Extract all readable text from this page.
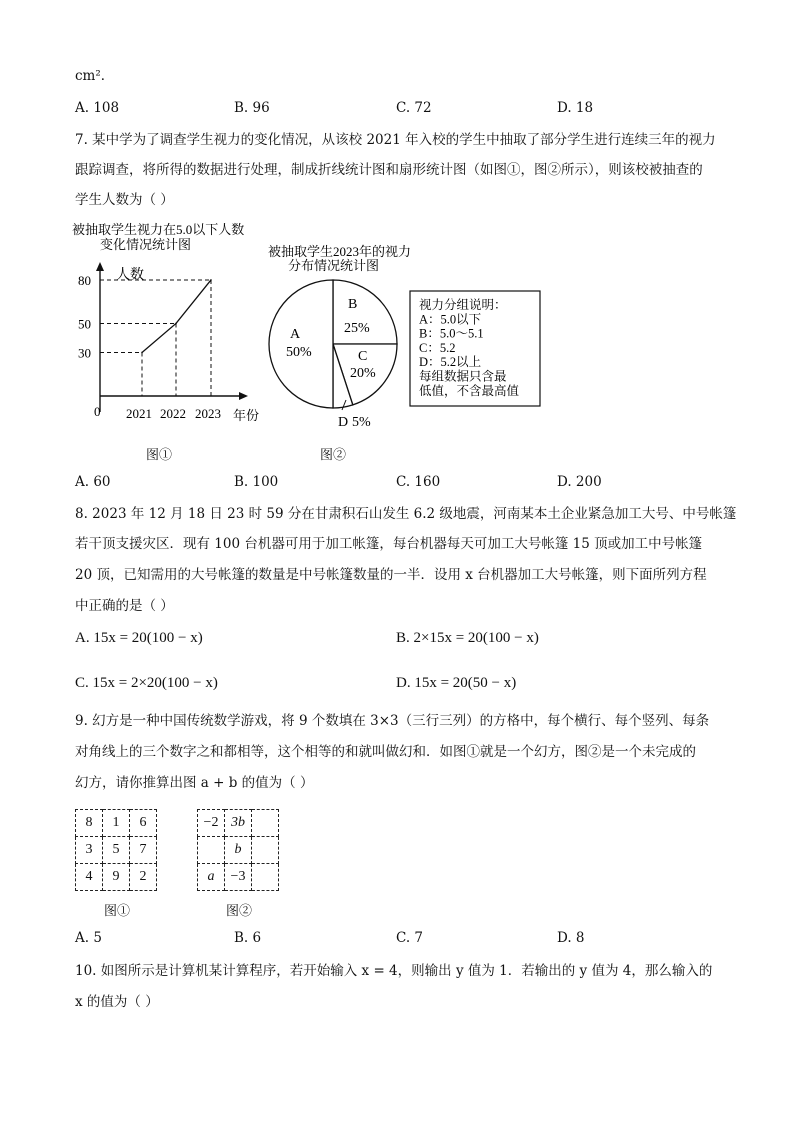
cm²．
A. 108	B. 96	C. 72	D. 18
7. 某中学为了调查学生视力的变化情况，从该校 2021 年入校的学生中抽取了部分学生进行连续三年的视力
跟踪调查，将所得的数据进行处理，制成折线统计图和扇形统计图（如图①，图②所示），则该校被抽查的
学生人数为（ ）
被抽取学生视力在5.0以下人数
变化情况统计图
人数
年份
0
30
2021
50
2022
80
2023
图①
被抽取学生2023年的视力
分布情况统计图
A
50%
B
25%
C
20%
D 5%
视力分组说明：
A：5.0以下
B：5.0～5.1
C：5.2
D：5.2以上
每组数据只含最
低值，不含最高值
图②
A. 60	B. 100	C. 160	D. 200
8. 2023 年 12 月 18 日 23 时 59 分在甘肃积石山发生 6.2 级地震，河南某本土企业紧急加工大号、中号帐篷
若干顶支援灾区．现有 100 台机器可用于加工帐篷，每台机器每天可加工大号帐篷 15 顶或加工中号帐篷
20 顶，已知需用的大号帐篷的数量是中号帐篷数量的一半．设用 x 台机器加工大号帐篷，则下面所列方程
中正确的是（ ）
A. 15x = 20(100 − x)	B. 2×15x = 20(100 − x)
C. 15x = 2×20(100 − x)	D. 15x = 20(50 − x)
9. 幻方是一种中国传统数学游戏，将 9 个数填在 3×3（三行三列）的方格中，每个横行、每个竖列、每条
对角线上的三个数字之和都相等，这个相等的和就叫做幻和．如图①就是一个幻方，图②是一个未完成的
幻方，请你推算出图 a + b 的值为（ ）
8	1	6
3	5	7
4	9	2
图①
−2	3b	
	b	
a	−3	
图②
A. 5	B. 6	C. 7	D. 8
10. 如图所示是计算机某计算程序，若开始输入 x = 4，则输出 y 值为 1．若输出的 y 值为 4，那么输入的
x 的值为（ ）
